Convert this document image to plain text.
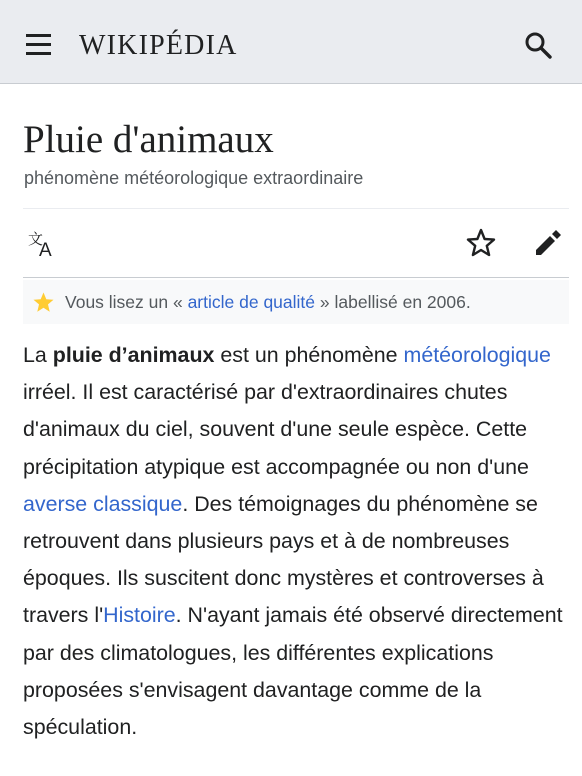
WIKIPÉDIA
Pluie d'animaux
phénomène météorologique extraordinaire
文
A
Vous lisez un « article de qualité » labellisé en 2006.

La pluie d’animaux est un phénomène météorologique irréel. Il est caractérisé par d'extraordinaires chutes d'animaux du ciel, souvent d'une seule espèce. Cette précipitation atypique est accompagnée ou non d'une averse classique. Des témoignages du phénomène se retrouvent dans plusieurs pays et à de nombreuses époques. Ils suscitent donc mystères et controverses à travers l'Histoire. N'ayant jamais été observé directement par des climatologues, les différentes explications proposées s'envisagent davantage comme de la spéculation.
